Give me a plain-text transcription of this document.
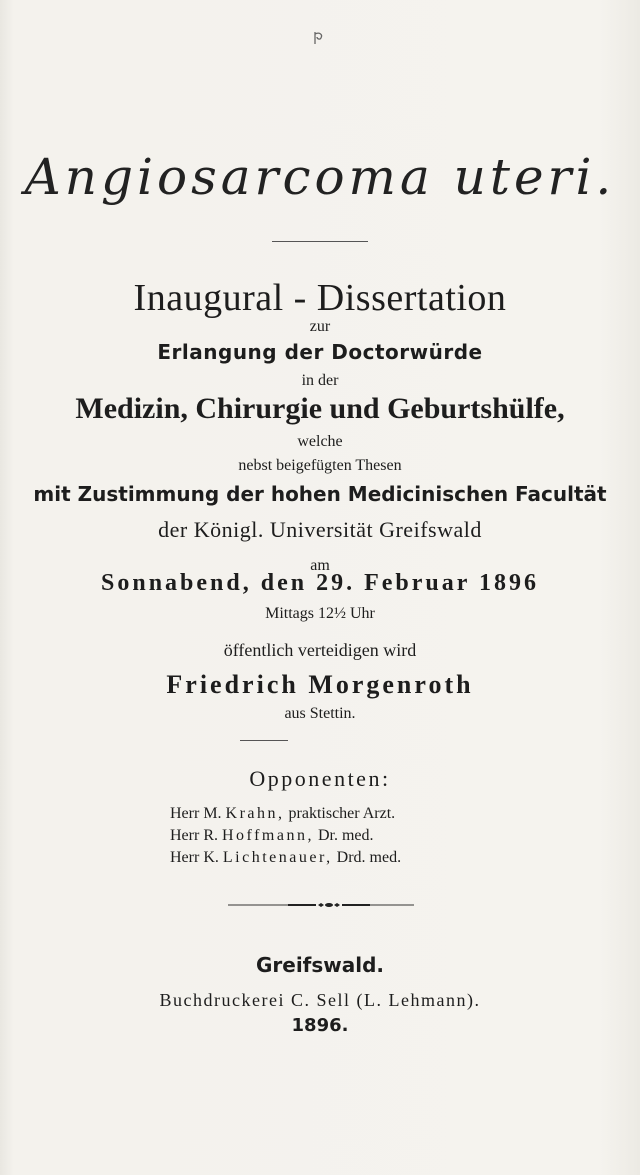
Angiosarcoma uteri.
Inaugural - Dissertation
zur
Erlangung der Doctorwürde
in der
Medizin, Chirurgie und Geburtshülfe,
welche
nebst beigefügten Thesen
mit Zustimmung der hohen Medicinischen Facultät
der Königl. Universität Greifswald
am
Sonnabend, den 29. Februar 1896
Mittags 12½ Uhr
öffentlich verteidigen wird
Friedrich Morgenroth
aus Stettin.
Opponenten:
Herr M. Krahn, praktischer Arzt.
Herr R. Hoffmann, Dr. med.
Herr K. Lichtenauer, Drd. med.
Greifswald.
Buchdruckerei C. Sell (L. Lehmann).
1896.
